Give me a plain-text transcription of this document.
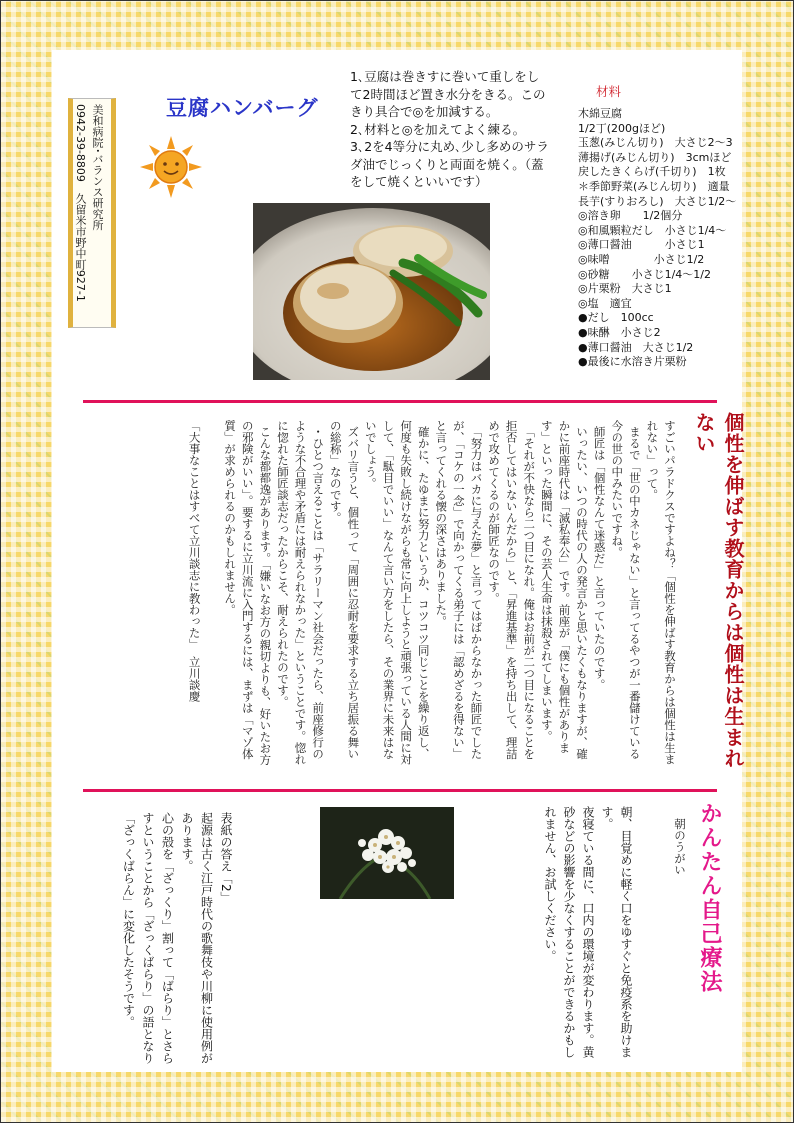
美和病院･バランス研究所
0942-39-8809　久留米市野中町927-1	豆腐ハンバーグ

1､豆腐は巻きすに巻いて重しをして2時間ほど置き水分をきる。このきり具合で◎を加減する。

2､材料と◎を加えてよく練る。

3､2を4等分に丸め､少し多めのサラダ油でじっくりと両面を焼く。（蓋をして焼くといいです）

材料
木綿豆腐
1/2丁(200gほど)
玉葱(みじん切り)　大さじ2～3
薄揚げ(みじん切り)　3cmほど
戻したきくらげ(千切り)　1枚
＊季節野菜(みじん切り)　適量
長芋(すりおろし)　大さじ1/2～
◎溶き卵　　1/2個分
◎和風顆粒だし　小さじ1/4～
◎薄口醤油　　　小さじ1
◎味噌　　　　小さじ1/2
◎砂糖　　小さじ1/4～1/2
◎片栗粉　大さじ1
◎塩　適宜
●だし　100cc
●味醂　小さじ2
●薄口醤油　大さじ1/2
●最後に水溶き片栗粉
個性を伸ばす教育からは個性は生まれない

すごいパラドクスですよね？「個性を伸ばす教育からは個性は生まれない」って。

まるで「世の中カネじゃない」と言ってるやつが一番儲けている今の世の中みたいですね。

師匠は「個性なんて迷惑だ」と言っていたのです。

いったい、いつの時代の人の発言かと思いたくもなりますが、確かに前座時代は「滅私奉公」です。前座が「僕にも個性があります」といった瞬間に、その芸人生命は抹殺されてしまいます。

「それが不快なら二つ目になれ。俺はお前が二つ目になることを拒否してはいないんだから」と、「昇進基準」を持ち出して、理詰めで攻めてくるのが師匠なのです。

「努力はバカに与えた夢」と言ってはばからなかった師匠でしたが、「コケの一念」で向かってくる弟子には「認めざるを得ない」と言ってくれる懐の深さはありました。

確かに、たゆまに努力というか、コツコツ同じことを繰り返し、何度も失敗し続けながらも常に向上しようと頑張っている人間に対して、「駄目でいい」なんて言い方をしたら、その業界に未来はないでしょう。

ズバリ言うと、個性って「周囲に忍耐を要求する立ち居振る舞いの総称」なのです。

・ひとつ言えることは「サラリーマン社会だったら、前座修行のような不合理や矛盾には耐えられなかった」ということです。惚れに惚れた師匠談志だったからこそ、耐えられたのです。

こんな都都逸があります。「嫌いなお方の親切よりも、好いたお方の邪険がいい」。要するに立川流に入門するには、まずは「マゾ体質」が求められるのかもしれません。

「大事なことはすべて立川談志に教わった」　立川談慶

かんたん自己療法
朝のうがい

朝、目覚めに軽く口をゆすぐと免疫系を助けます。

夜寝ている間に、口内の環境が変わります。黄砂などの影響を少なくすることができるかもしれません、お試しください。

表紙の答え「2」

起源は古く江戸時代の歌舞伎や川柳に使用例があります。

心の殻を「ざっくり」割って「ばらり」とさらすということから「ざっくばらり」の語となり「ざっくばらん」に変化したそうです。
